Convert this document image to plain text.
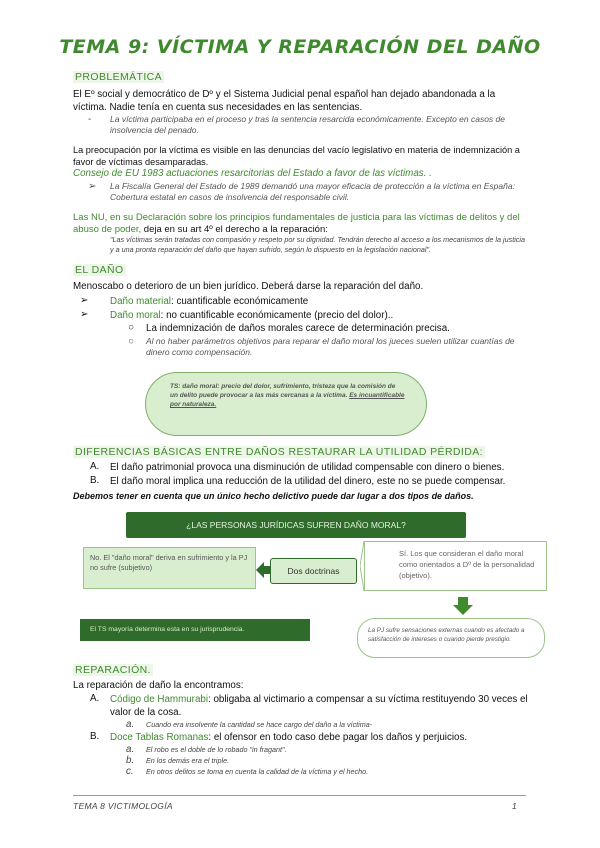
TEMA 9: VÍCTIMA Y REPARACIÓN DEL DAÑO
PROBLEMÁTICA
El Eº social y democrático de Dº y el Sistema Judicial penal español han dejado abandonada a la víctima. Nadie tenía en cuenta sus necesidades en las sentencias.
- La víctima participaba en el proceso y tras la sentencia resarcida económicamente. Excepto en casos de insolvencia del penado.
La preocupación por la víctima es visible en las denuncias del vacío legislativo en materia de indemnización a favor de víctimas desamparadas.
Consejo de EU 1983 actuaciones resarcitorias del Estado a favor de las víctimas. .
➢ La Fiscalía General del Estado de 1989 demandó una mayor eficacia de protección a la víctima en España: Cobertura estatal en casos de insolvencia del responsable civil.
Las NU, en su Declaración sobre los principios fundamentales de justicia para las víctimas de delitos y del abuso de poder, deja en su art 4º el derecho a la reparación:
"Las víctimas serán tratadas con compasión y respeto por su dignidad. Tendrán derecho al acceso a los mecanismos de la justicia y a una pronta reparación del daño que hayan sufrido, según lo dispuesto en la legislación nacional".
EL DAÑO
Menoscabo o deterioro de un bien jurídico. Deberá darse la reparación del daño.
➢ Daño material: cuantificable económicamente
➢ Daño moral: no cuantificable económicamente (precio del dolor)..
○ La indemnización de daños morales carece de determinación precisa.
○ Al no haber parámetros objetivos para reparar el daño moral los jueces suelen utilizar cuantías de dinero como compensación.
TS: daño moral: precio del dolor, sufrimiento, tristeza que la comisión de un delito puede provocar a las más cercanas a la víctima. Es incuantificable por naturaleza.
DIFERENCIAS BÁSICAS ENTRE DAÑOS RESTAURAR LA UTILIDAD PÉRDIDA:
A. El daño patrimonial provoca una disminución de utilidad compensable con dinero o bienes.
B. El daño moral implica una reducción de la utilidad del dinero, este no se puede compensar.
Debemos tener en cuenta que un único hecho delictivo puede dar lugar a dos tipos de daños.
¿LAS PERSONAS JURÍDICAS SUFREN DAÑO MORAL?
No. El "daño moral" deriva en sufrimiento y la PJ no sufre (subjetivo)	Dos doctrinas
Sí. Los que consideran el daño moral como orientados a Dº de la personalidad (objetivo).
El TS mayoría determina esta en su jurisprudencia.	La PJ sufre sensaciones externas cuando es afectado a satisfacción de intereses o cuando pierde prestigio.
REPARACIÓN.
La reparación de daño la encontramos:
A. Código de Hammurabi: obligaba al victimario a compensar a su víctima restituyendo 30 veces el valor de la cosa.
a. Cuando era insolvente la cantidad se hace cargo del daño a la víctima-
B. Doce Tablas Romanas: el ofensor en todo caso debe pagar los daños y perjuicios.
a. El robo es el doble de lo robado "in fragant".
b. En los demás era el triple.
c. En otros delitos se toma en cuenta la calidad de la víctima y el hecho.
TEMA 8 VICTIMOLOGÍA	1
